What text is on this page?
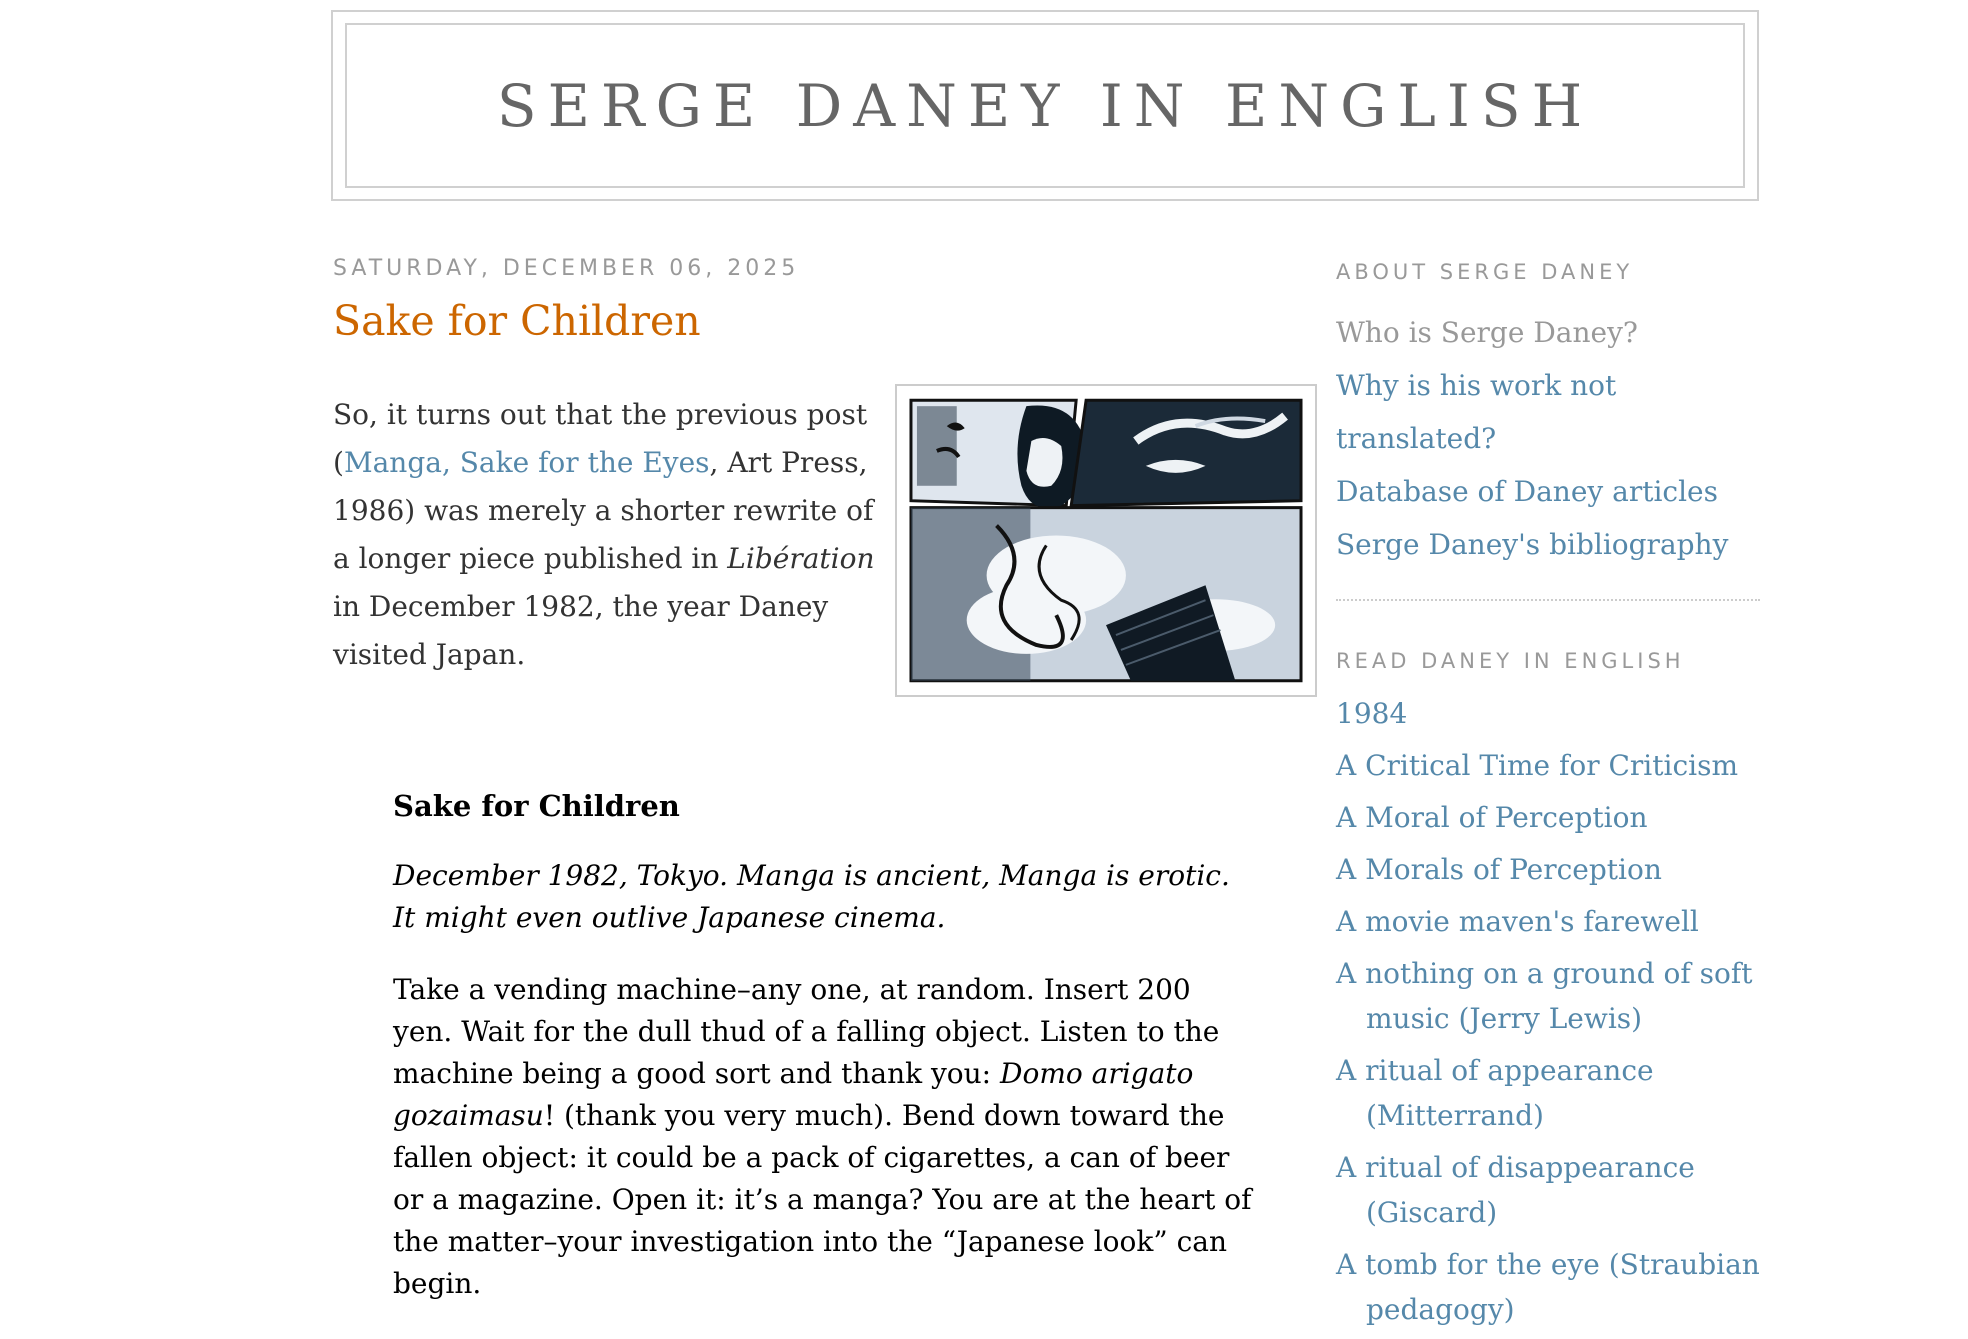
SERGE DANEY IN ENGLISH
SATURDAY, DECEMBER 06, 2025
Sake for Children
So, it turns out that the previous post (Manga, Sake for the Eyes, Art Press, 1986) was merely a shorter rewrite of a longer piece published in Libération in December 1982, the year Daney visited Japan.

Sake for Children

December 1982, Tokyo. Manga is ancient, Manga is erotic. It might even outlive Japanese cinema.

Take a vending machine–any one, at random. Insert 200 yen. Wait for the dull thud of a falling object. Listen to the machine being a good sort and thank you: Domo arigato gozaimasu! (thank you very much). Bend down toward the fallen object: it could be a pack of cigarettes, a can of beer or a magazine. Open it: it’s a manga? You are at the heart of the matter–your investigation into the “Japanese look” can begin.

ABOUT SERGE DANEY
Who is Serge Daney?
Why is his work not translated?
Database of Daney articles
Serge Daney's bibliography
READ DANEY IN ENGLISH
1984
A Critical Time for Criticism
A Moral of Perception
A Morals of Perception
A movie maven's farewell
A nothing on a ground of soft music (Jerry Lewis)
A ritual of appearance (Mitterrand)
A ritual of disappearance (Giscard)
A tomb for the eye (Straubian pedagogy)
